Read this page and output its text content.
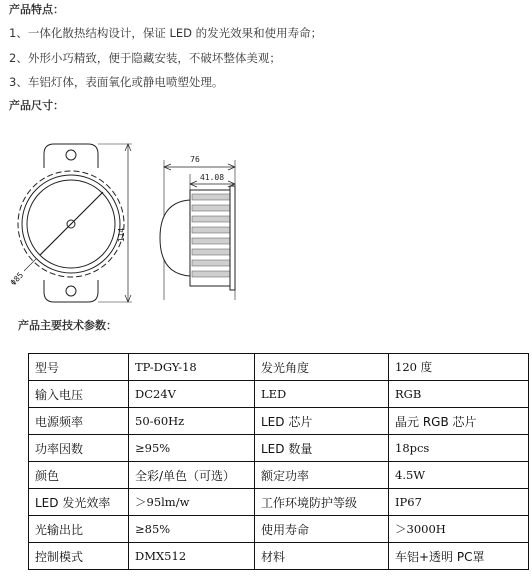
产品特点：
1、一体化散热结构设计，保证 LED 的发光效果和使用寿命；
2、外形小巧精致，便于隐藏安装，不破坏整体美观；
3、车铝灯体，表面氧化或静电喷塑处理。
产品尺寸：
114
Φ85
76
41.08
产品主要技术参数：
型号	TP-DGY-18	发光角度	120 度
输入电压	DC24V	LED	RGB
电源频率	50-60Hz	LED 芯片	晶元 RGB 芯片
功率因数	≥95%	LED 数量	18pcs
颜色	全彩/单色（可选）	额定功率	4.5W
LED 发光效率	＞95lm/w	工作环境防护等级	IP67
光输出比	≥85%	使用寿命	＞3000H
控制模式	DMX512	材料	车铝+透明 PC罩
